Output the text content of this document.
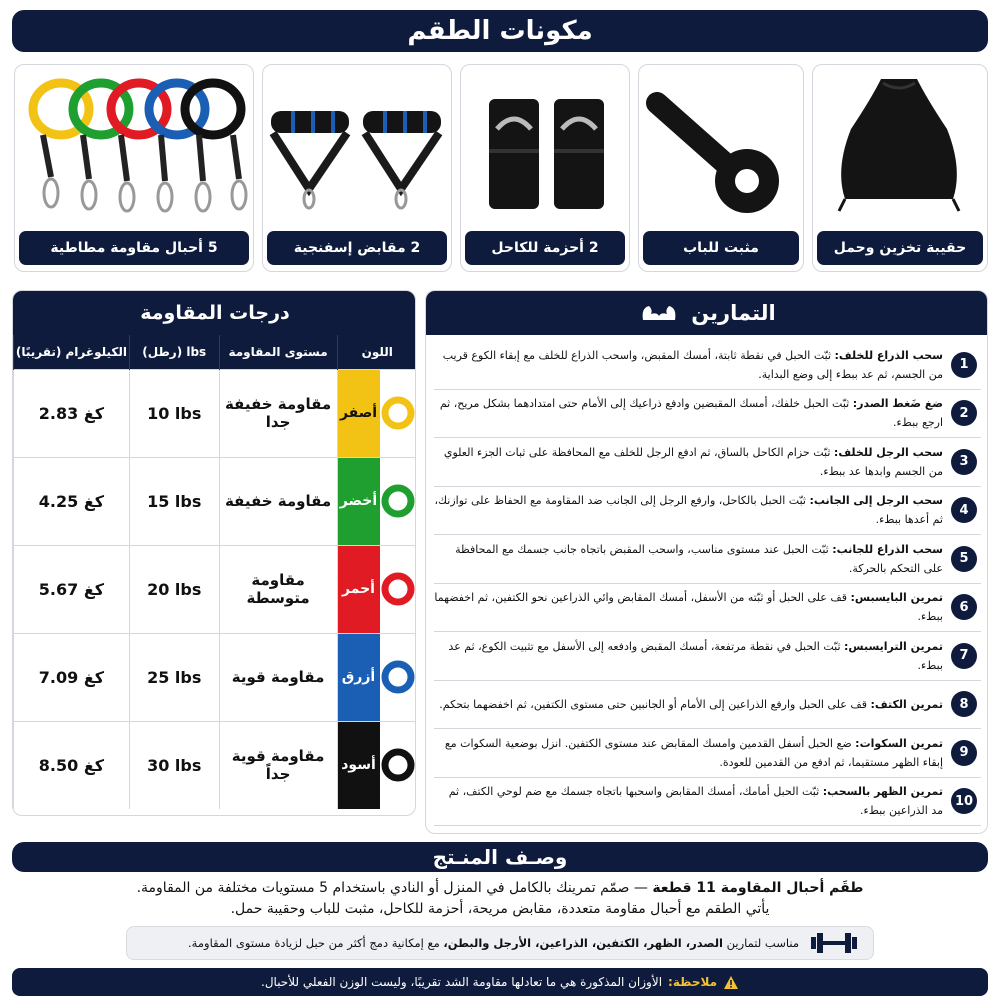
مكونات الطقم
5 أحبال مقاومة مطاطية	2 مقابض إسفنجية	2 أحزمة للكاحل	مثبت للباب	حقيبة تخزين وحمل
درجات المقاومة
الكيلوغرام (تقريبًا)	(رطل) lbs	مستوى المقاومة	اللون
2.83 كغ	10 lbs	مقاومة خفيفة جدا	أصفر

4.25 كغ	15 lbs	مقاومة خفيفة	أخضر

5.67 كغ	20 lbs	مقاومة متوسطة	أحمر

7.09 كغ	25 lbs	مقاومة قوية	أزرق

8.50 كغ	30 lbs	مقاومة قوية جداً	أسود
التمارين
1
سحب الذراع للخلف: ثبّت الحبل في نقطة ثابتة، أمسك المقبض، واسحب الذراع للخلف مع إبقاء الكوع قريب من الجسم، ثم عد ببطء إلى وضع البداية.
2
ضغ ضَغط الصدر: ثبّت الحبل خلفك، أمسك المقبضين وادفع ذراعيك إلى الأمام حتى امتدادهما بشكل مريح، ثم ارجع ببطء.
3
سحب الرجل للخلف: ثبّت حزام الكاحل بالساق، ثم ادفع الرجل للخلف مع المحافظة على ثبات الجزء العلوي من الجسم وابدها عد ببطء.
4
سحب الرجل إلى الجانب: ثبّت الحبل بالكاحل، وارفع الرجل إلى الجانب ضد المقاومة مع الحفاظ على توازنك، ثم أعدها ببطء.
5
سحب الذراع للجانب: ثبّت الحبل عند مستوى مناسب، واسحب المقبض باتجاه جانب جسمك مع المحافظة على التحكم بالحركة.
6
تمرين البايسبس: قف على الحبل أو ثبّته من الأسفل، أمسك المقابض وائي الذراعين نحو الكتفين، ثم اخفضهما ببطء.
7
تمرين الترايسبس: ثبّت الحبل في نقطة مرتفعة، أمسك المقبض وادفعه إلى الأسفل مع تثبيت الكوع، ثم عد ببطء.
8
تمرين الكتف: قف على الحبل وارفع الذراعين إلى الأمام أو الجانبين حتى مستوى الكتفين، ثم اخفضهما بتحكم.
9
تمرين السكوات: ضع الحبل أسفل القدمين وامسك المقابض عند مستوى الكتفين. انزل بوضعية السكوات مع إبقاء الظهر مستقيما، ثم ادفع من القدمين للعودة.
10
تمرين الظهر بالسحب: ثبّت الحبل أمامك، أمسك المقابض واسحبها باتجاه جسمك مع ضم لوحي الكتف، ثم مد الذراعين ببطء.
وصـف المنـتج
طقَم أحبال المقاومة 11 قطعة — صمّم تمرينك بالكامل في المنزل أو النادي باستخدام 5 مستويات مختلفة من المقاومة.
يأتي الطقم مع أحبال مقاومة متعددة، مقابض مريحة، أحزمة للكاحل، مثبت للباب وحقيبة حمل.
مناسب لتمارين الصدر، الظهر، الكتفين، الذراعين، الأرجل والبطن، مع إمكانية دمج أكثر من حبل لزيادة مستوى المقاومة.
ملاحظة:
الأوزان المذكورة هي ما تعادلها مقاومة الشد تقريبًا، وليست الوزن الفعلي للأحبال.
